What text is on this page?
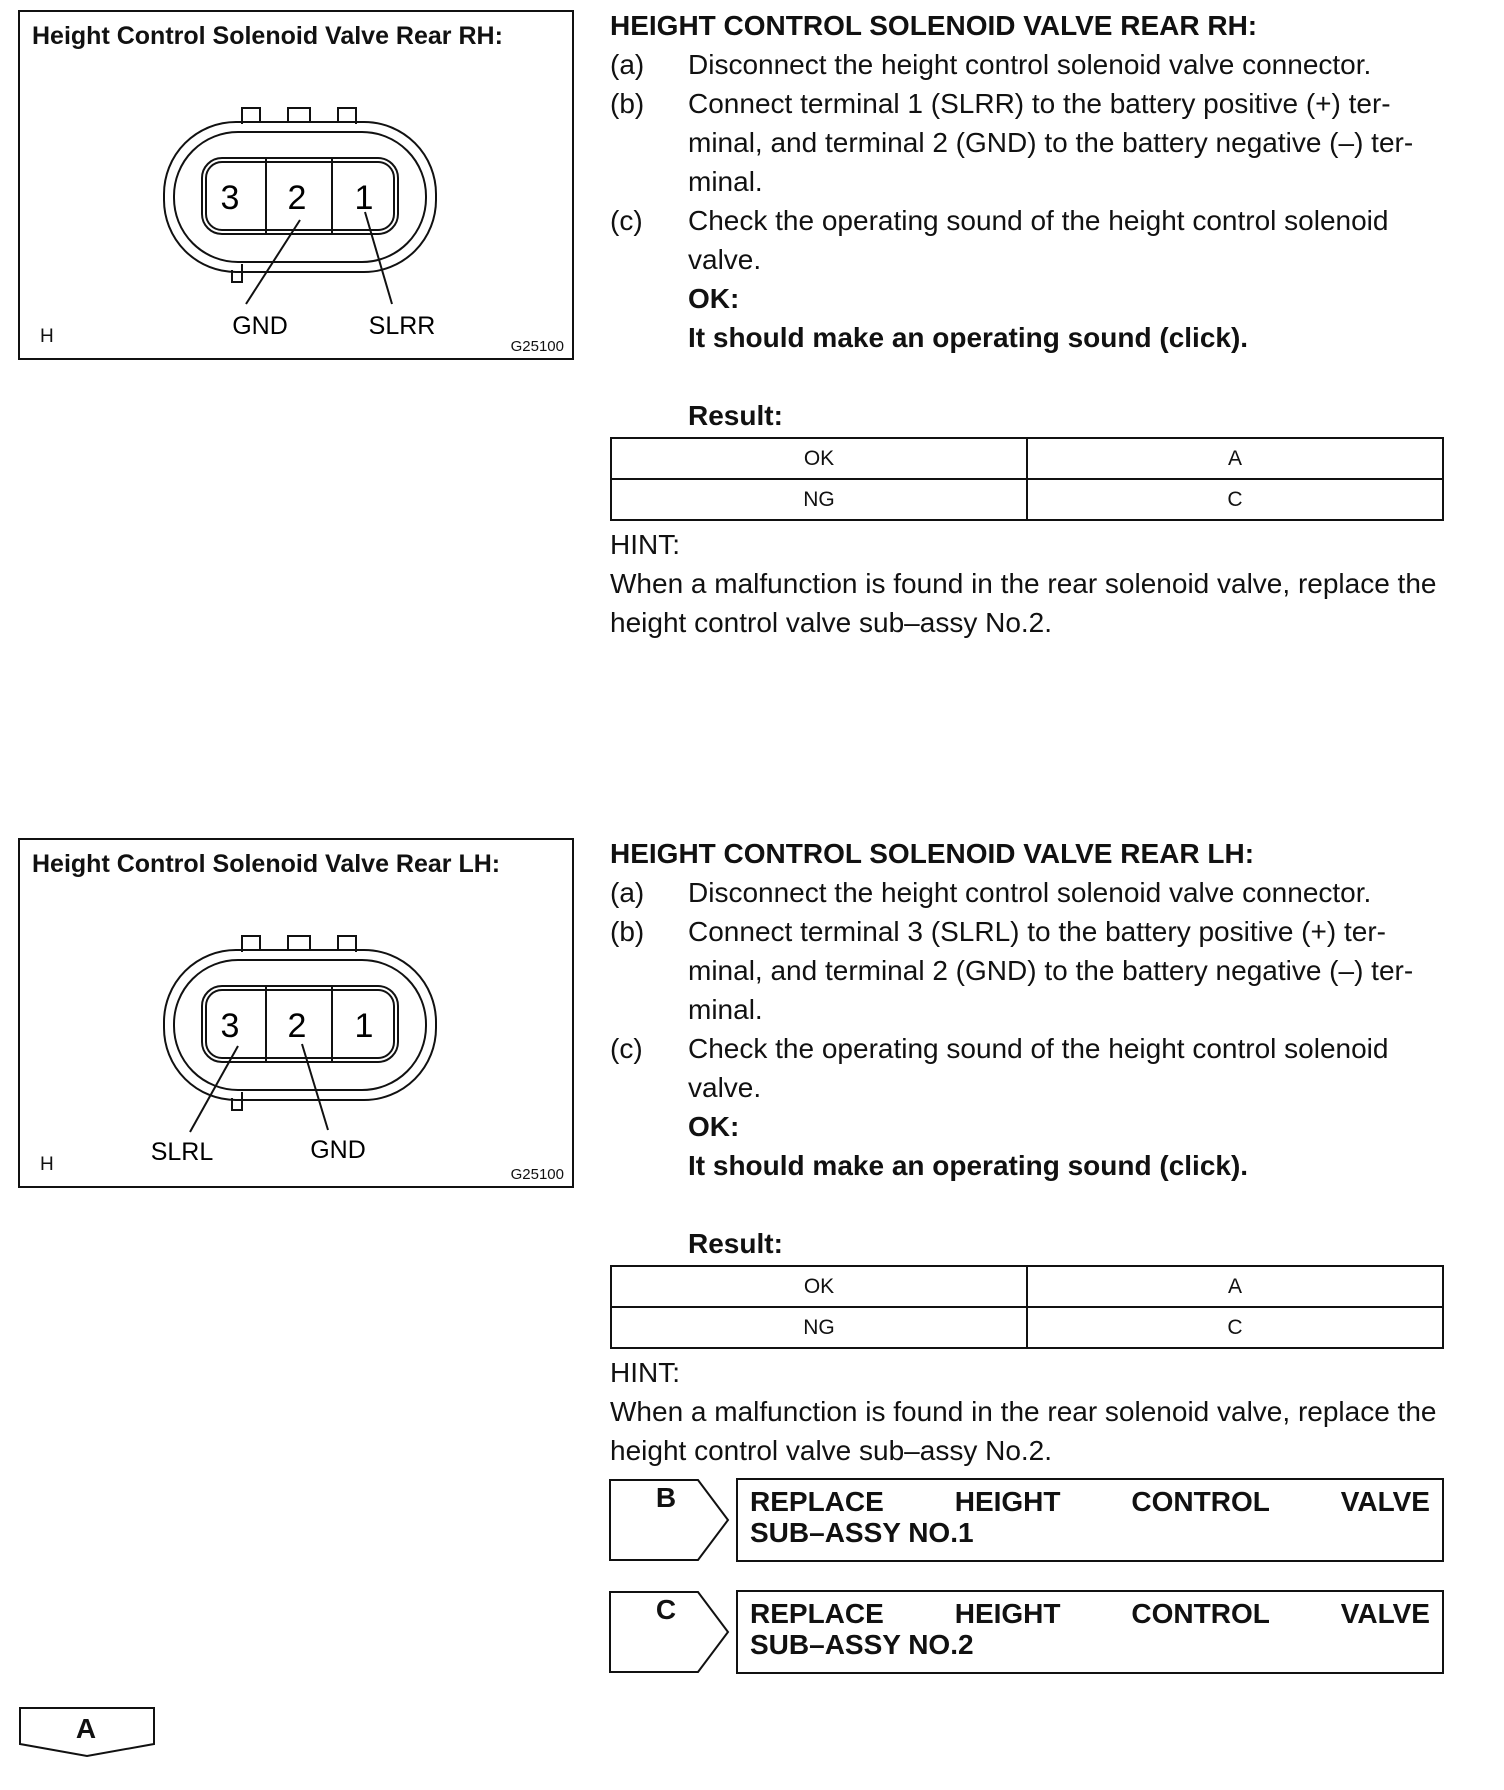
Height Control Solenoid Valve Rear RH:
3 2 1
GND	SLRR
H	G25100
HEIGHT CONTROL SOLENOID VALVE REAR RH:
(a)	Disconnect the height control solenoid valve connector.
(b)	Connect terminal 1 (SLRR) to the battery positive (+) ter- minal, and terminal 2 (GND) to the battery negative (–) ter- minal.
(c)	Check the operating sound of the height control solenoid valve.
OK:
It should make an operating sound (click).
Result:
OK	A
NG	C
HINT:
When a malfunction is found in the rear solenoid valve, replace the height control valve sub–assy No.2.
Height Control Solenoid Valve Rear LH:
3 2 1
SLRL	GND
H	G25100
HEIGHT CONTROL SOLENOID VALVE REAR LH:
(a)	Disconnect the height control solenoid valve connector.
(b)	Connect terminal 3 (SLRL) to the battery positive (+) ter- minal, and terminal 2 (GND) to the battery negative (–) ter- minal.
(c)	Check the operating sound of the height control solenoid valve.
OK:
It should make an operating sound (click).
Result:
OK	A
NG	C
HINT:
When a malfunction is found in the rear solenoid valve, replace the height control valve sub–assy No.2.
B	REPLACE	HEIGHT	CONTROL	VALVE
SUB–ASSY NO.1
C	REPLACE	HEIGHT	CONTROL	VALVE
SUB–ASSY NO.2
A
